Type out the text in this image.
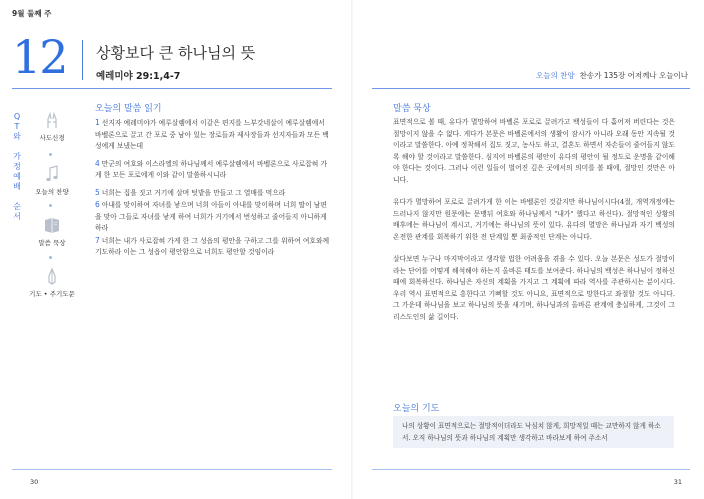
9월 둘째 주
12 상황보다 큰 하나님의 뜻
예레미야 29:1,4-7	오늘의 찬양 찬송가 135장 어저께나 오늘이나
Q
T
와
가
정
예
배
순
서
사도신경
오늘의 찬양
말씀 묵상
기도 • 주기도문
오늘의 말씀 읽기

1 선지자 예레미야가 예루살렘에서 이같은 편지를 느부갓네살이 예루살렘에서 바벨론으로 끌고 간 포로 중 남아 있는 장로들과 제사장들과 선지자들과 모든 백성에게 보냈는데

4 만군의 여호와 이스라엘의 하나님께서 예루살렘에서 바벨론으로 사로잡혀 가게 한 모든 포로에게 이와 같이 말씀하시니라

5 너희는 집을 짓고 거기에 살며 텃밭을 만들고 그 열매를 먹으라

6 아내를 맞이하여 자녀를 낳으며 너희 아들이 아내를 맞이하며 너희 딸이 남편을 맞아 그들로 자녀를 낳게 하여 너희가 거기에서 번성하고 줄어들지 아니하게 하라

7 너희는 내가 사로잡혀 가게 한 그 성읍의 평안을 구하고 그를 위하여 여호와께 기도하라 이는 그 성읍이 평안함으로 너희도 평안할 것임이라

말씀 묵상

표면적으로 볼 때, 유다가 멸망하여 바벨론 포로로 끌려가고 백성들이 다 흩어져 버린다는 것은 절망이지 않을 수 없다. 게다가 본문은 바벨론에서의 생활이 잠시가 아니라 오래 동안 지속될 것이라고 말씀한다. 아예 정착해서 집도 짓고, 농사도 하고, 결혼도 하면서 자손들이 줄어들지 않도록 해야 할 것이라고 말씀한다. 심지어 바벨론의 평안이 유다의 평안이 될 정도로 운명을 같이해야 한다는 것이다. 그러나 이런 일들이 벌어진 깊은 곳에서의 의미를 볼 때에, 절망인 것만은 아니다.

유다가 멸망하여 포로로 끌려가게 한 이는 바벨론인 것같지만 하나님이시다(4절, 개역개정에는 드러나지 않지만 원문에는 문맹뒤 여호와 하나님께서 "내가" 했다고 하신다). 절망적인 상황의 배후에는 하나님이 계시고, 거기에는 하나님의 뜻이 있다. 유다의 멸망은 하나님과 자기 백성의 온전한 관계를 회복하기 위한 전 단계일 뿐 최종적인 단계는 아니다.

살다보면 누구나 마지막이라고 생각할 법한 어려움을 겪을 수 있다. 오늘 본문은 성도가 절망이라는 단어를 어떻게 해석해야 하는지 올바른 태도를 보여준다. 하나님의 백성은 하나님이 정하신 때에 회복하신다. 하나님은 자신의 계획을 가지고 그 계획에 따라 역사를 주관하시는 분이시다. 우리 역시 표면적으로 흥한다고 기뻐할 것도 아니요, 표면적으로 망한다고 좌절할 것도 아니다. 그 가운데 하나님을 보고 하나님의 뜻을 새기며, 하나님과의 올바른 관계에 충실하게, 그것이 그리스도인의 삶 길이다.

오늘의 기도
나의 상황이 표면적으로는 절망적이더라도 낙심치 않게, 희망적일 때는 교만하지 않게 하소서. 오직 하나님의 뜻과 하나님의 계획만 생각하고 바라보게 하여 주소서
30	31
